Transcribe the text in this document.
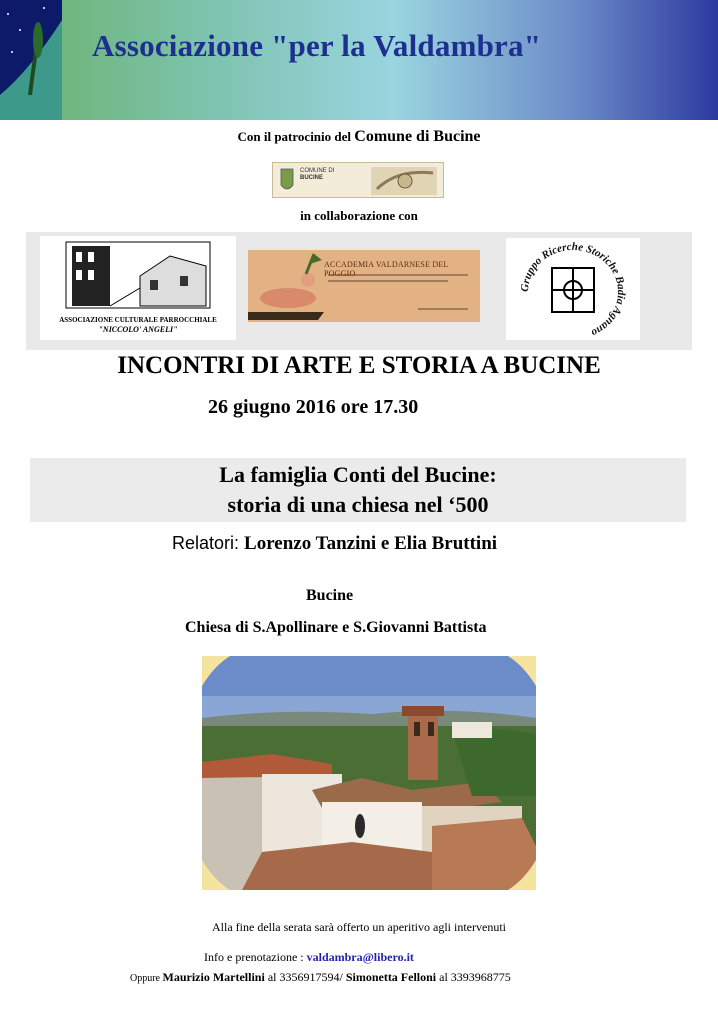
Associazione "per la Valdambra"
Con il patrocinio del Comune di Bucine
COMUNE DI
BUCINE
in collaborazione con
ASSOCIAZIONE CULTURALE PARROCCHIALE
"NICCOLO' ANGELI"
ACCADEMIA VALDARNESE DEL POGGIO
Gruppo Ricerche Storiche Badia Agnano
INCONTRI DI ARTE E STORIA A BUCINE
26 giugno 2016 ore 17.30
La famiglia Conti del Bucine:
storia di una chiesa nel ‘500
Relatori: Lorenzo Tanzini e Elia Bruttini
Bucine
Chiesa di S.Apollinare e S.Giovanni Battista
Alla fine della serata sarà offerto un aperitivo agli intervenuti
Info e prenotazione : valdambra@libero.it
Oppure Maurizio Martellini al 3356917594/ Simonetta Felloni al 3393968775
